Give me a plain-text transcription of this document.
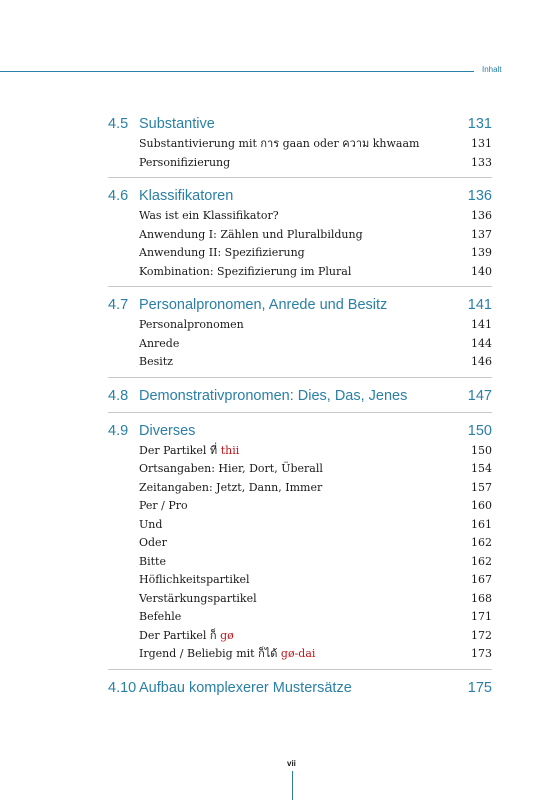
Inhalt
4.5 Substantive	131
Substantivierung mit การ gaan oder ความ khwaam	131
Personifizierung	133
4.6 Klassifikatoren	136
Was ist ein Klassifikator?	136
Anwendung I: Zählen und Pluralbildung	137
Anwendung II: Spezifizierung	139
Kombination: Spezifizierung im Plural	140
4.7 Personalpronomen, Anrede und Besitz	141
Personalpronomen	141
Anrede	144
Besitz	146
4.8 Demonstrativpronomen: Dies, Das, Jenes	147
4.9 Diverses	150
Der Partikel ที่ thii	150
Ortsangaben: Hier, Dort, Überall	154
Zeitangaben: Jetzt, Dann, Immer	157
Per / Pro	160
Und	161
Oder	162
Bitte	162
Höflichkeitspartikel	167
Verstärkungspartikel	168
Befehle	171
Der Partikel ก็ gø	172
Irgend / Beliebig mit ก็ได้ gø-dai	173
4.10 Aufbau komplexerer Mustersätze	175
vii
